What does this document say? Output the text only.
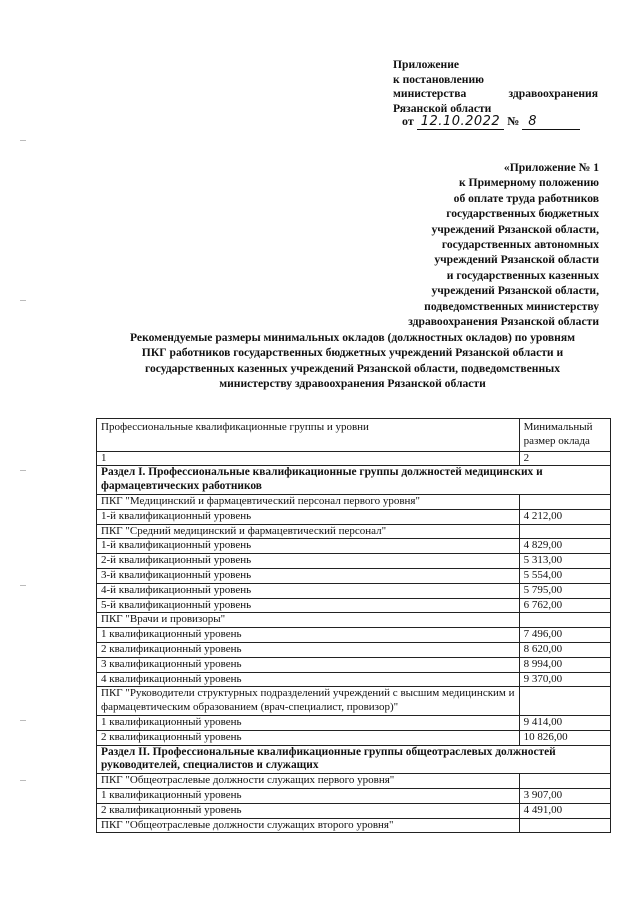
Приложение
к постановлению
министерства	здравоохранения
Рязанской области
от 12.10.2022 № 8
«Приложение № 1
к Примерному положению
об оплате труда работников
государственных бюджетных
учреждений Рязанской области,
государственных автономных
учреждений Рязанской области
и государственных казенных
учреждений Рязанской области,
подведомственных министерству
здравоохранения Рязанской области
Рекомендуемые размеры минимальных окладов (должностных окладов) по уровням
ПКГ работников государственных бюджетных учреждений Рязанской области и
государственных казенных учреждений Рязанской области, подведомственных
министерству здравоохранения Рязанской области
Профессиональные квалификационные группы и уровни	Минимальный размер оклада
1	2
Раздел I. Профессиональные квалификационные группы должностей медицинских и фармацевтических работников	
ПКГ "Медицинский и фармацевтический персонал первого уровня"	
1-й квалификационный уровень	4 212,00
ПКГ "Средний медицинский и фармацевтический персонал"	
1-й квалификационный уровень	4 829,00
2-й квалификационный уровень	5 313,00
3-й квалификационный уровень	5 554,00
4-й квалификационный уровень	5 795,00
5-й квалификационный уровень	6 762,00
ПКГ "Врачи и провизоры"	
1 квалификационный уровень	7 496,00
2 квалификационный уровень	8 620,00
3 квалификационный уровень	8 994,00
4 квалификационный уровень	9 370,00
ПКГ "Руководители структурных подразделений учреждений с высшим медицинским и фармацевтическим образованием (врач-специалист, провизор)"	
1 квалификационный уровень	9 414,00
2 квалификационный уровень	10 826,00
Раздел II. Профессиональные квалификационные группы общеотраслевых должностей руководителей, специалистов и служащих	
ПКГ "Общеотраслевые должности служащих первого уровня"	
1 квалификационный уровень	3 907,00
2 квалификационный уровень	4 491,00
ПКГ "Общеотраслевые должности служащих второго уровня"	
